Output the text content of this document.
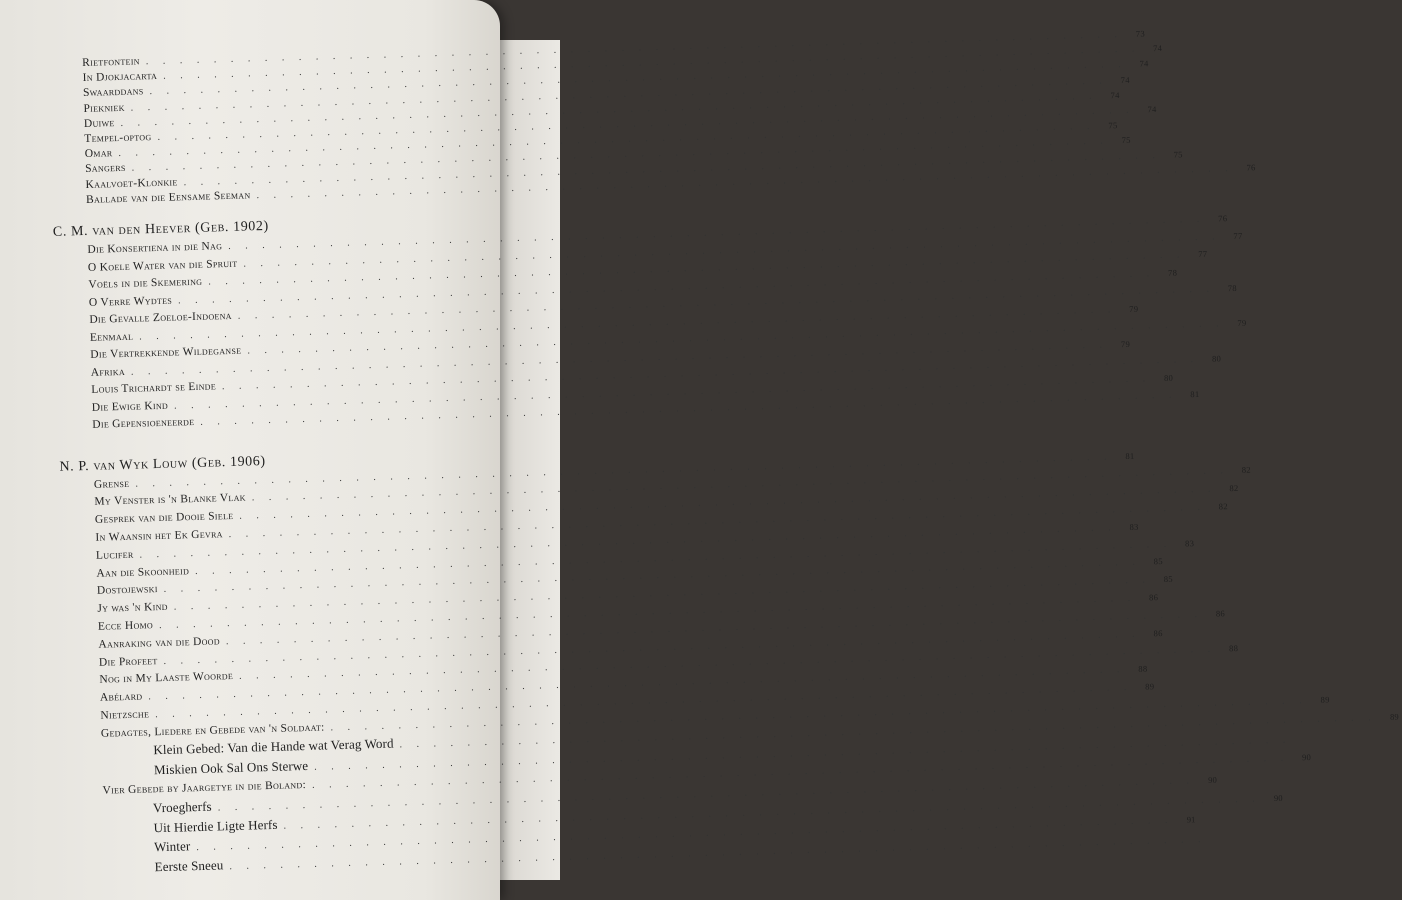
Rietfontein
. . .
73
In Djokjacarta
. . .
74
Swaarddans
. . .
74
Piekniek
. . .
74
Duiwe
. . .
74
Tempel-optog
. . .
74
Omar
. . .
75
Sangers
. . .
75
Kaalvoet-Klonkie
. . .
75
Ballade van die Eensame Seeman
. . .
76
C. M. van den Heever (Geb. 1902)
Die Konsertiena in die Nag
. . .
76
O Koele Water van die Spruit
. . .
77
Voëls in die Skemering
. . .
77
O Verre Wydtes
. . .
78
Die Gevalle Zoeloe-Indoena
. . .
78
Eenmaal
. . .
79
Die Vertrekkende Wildeganse
. . .
79
Afrika
. . .
79
Louis Trichardt se Einde
. . .
80
Die Ewige Kind
. . .
80
Die Gepensioeneerde
. . .
81
N. P. van Wyk Louw (Geb. 1906)
Grense
. . .
81
My Venster is 'n Blanke Vlak
. . .
82
Gesprek van die Dooie Siele
. . .
82
In Waansin het Ek Gevra
. . .
82
Lucifer
. . .
83
Aan die Skoonheid
. . .
83
Dostojewski
. . .
85
Jy was 'n Kind
. . .
85
Ecce Homo
. . .
86
Aanraking van die Dood
. . .
86
Die Profeet
. . .
86
Nog in My Laaste Woorde
. . .
88
Abélard
. . .
88
Nietzsche
. . .
89
Gedagtes, Liedere en Gebede van 'n Soldaat:
. . .
89
Klein Gebed: Van die Hande wat Verag Word
. . .
89
Miskien Ook Sal Ons Sterwe
. . .
Vier Gebede by Jaargetye in die Boland:
. . .
90
Vroegherfs
. . .
90
Uit Hierdie Ligte Herfs
. . .
90
Winter
. . .
91
Eerste Sneeu
. . .
